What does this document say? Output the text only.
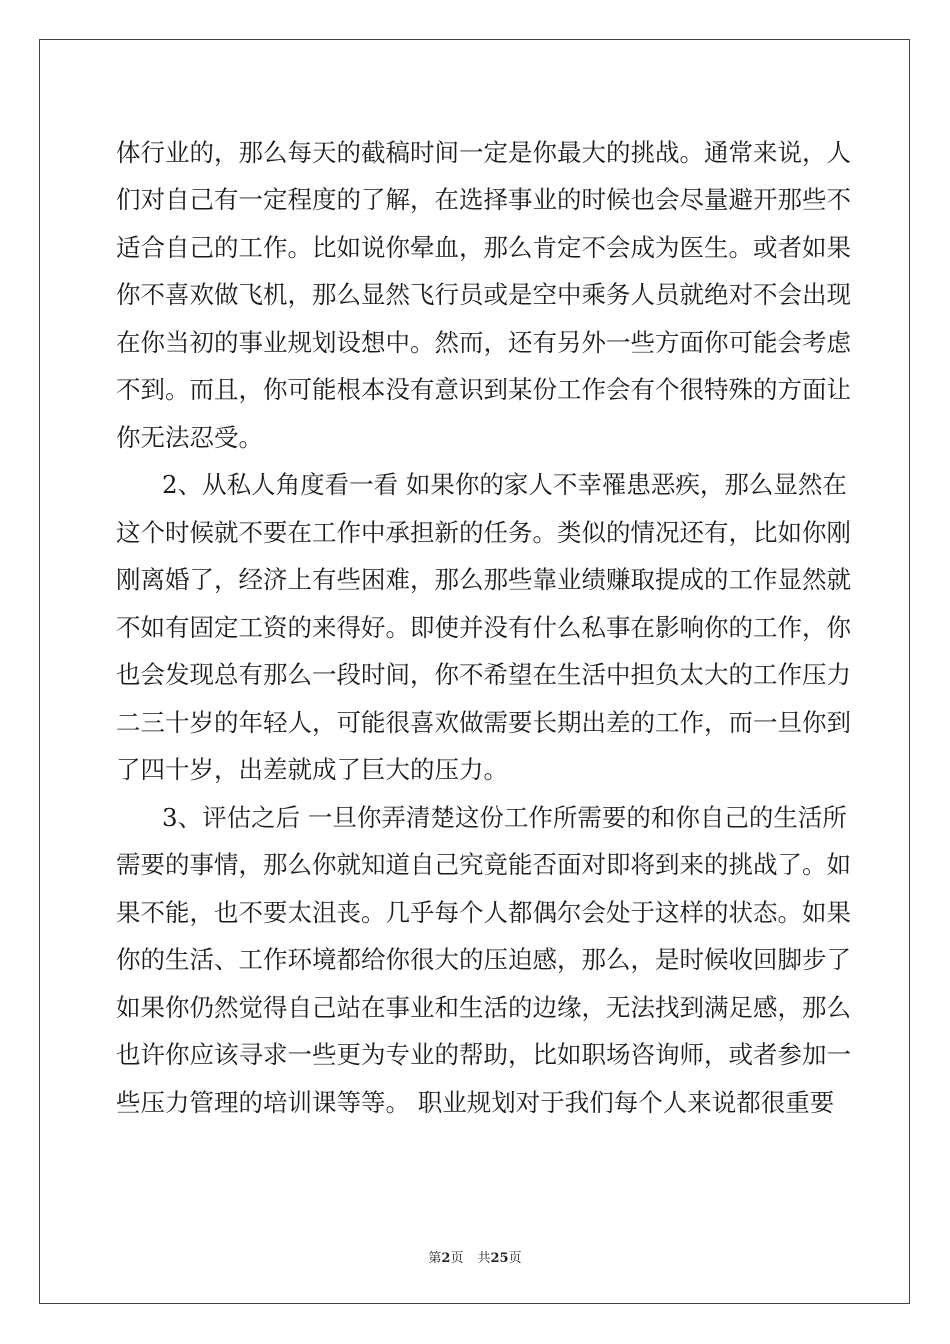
体行业的，那么每天的截稿时间一定是你最大的挑战。通常来说，人
们对自己有一定程度的了解，在选择事业的时候也会尽量避开那些不
适合自己的工作。比如说你晕血，那么肯定不会成为医生。或者如果
你不喜欢做飞机，那么显然飞行员或是空中乘务人员就绝对不会出现
在你当初的事业规划设想中。然而，还有另外一些方面你可能会考虑
不到。而且，你可能根本没有意识到某份工作会有个很特殊的方面让
你无法忍受。
2、从私人角度看一看 如果你的家人不幸罹患恶疾，那么显然在
这个时候就不要在工作中承担新的任务。类似的情况还有，比如你刚
刚离婚了，经济上有些困难，那么那些靠业绩赚取提成的工作显然就
不如有固定工资的来得好。即使并没有什么私事在影响你的工作，你
也会发现总有那么一段时间，你不希望在生活中担负太大的工作压力
二三十岁的年轻人，可能很喜欢做需要长期出差的工作，而一旦你到
了四十岁，出差就成了巨大的压力。
3、评估之后 一旦你弄清楚这份工作所需要的和你自己的生活所
需要的事情，那么你就知道自己究竟能否面对即将到来的挑战了。如
果不能，也不要太沮丧。几乎每个人都偶尔会处于这样的状态。如果
你的生活、工作环境都给你很大的压迫感，那么，是时候收回脚步了
如果你仍然觉得自己站在事业和生活的边缘，无法找到满足感，那么
也许你应该寻求一些更为专业的帮助，比如职场咨询师，或者参加一
些压力管理的培训课等等。 职业规划对于我们每个人来说都很重要
第2页 共25页
